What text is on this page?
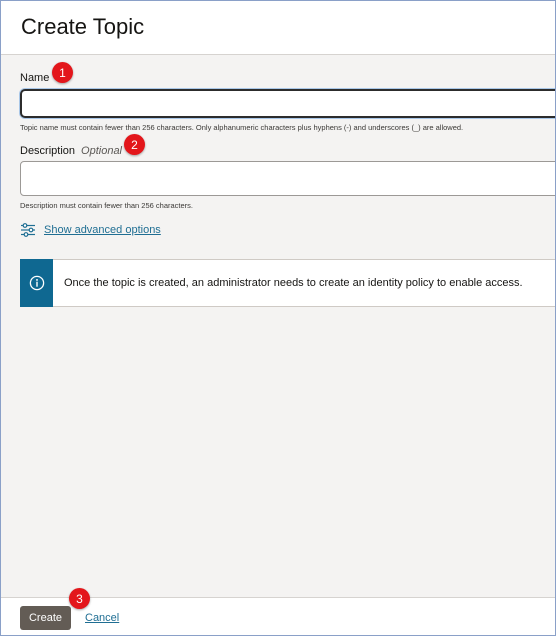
Create Topic
Name
Topic name must contain fewer than 256 characters. Only alphanumeric characters plus hyphens (-) and underscores (_) are allowed.
Description Optional
Description must contain fewer than 256 characters.
Show advanced options
Once the topic is created, an administrator needs to create an identity policy to enable access.
Create	Cancel
1
2
3
